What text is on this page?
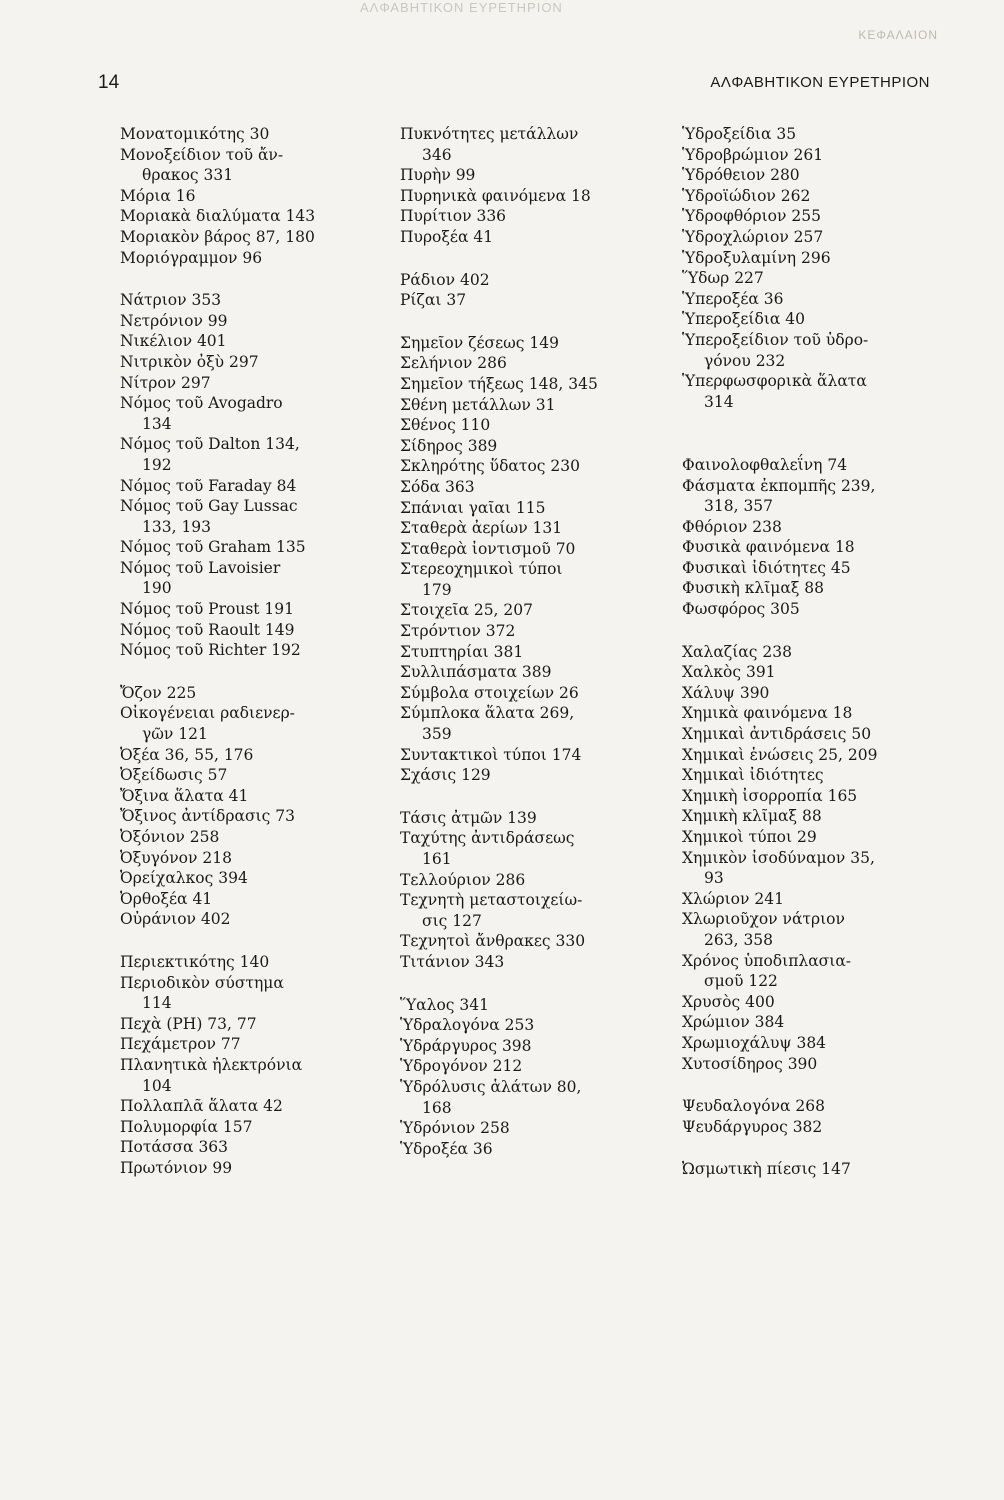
ΑΛΦΑΒΗΤΙΚΟΝ ΕΥΡΕΤΗΡΙΟΝ
ΚΕΦΑΛΑΙΟΝ
14	ΑΛΦΑΒΗΤΙΚΟΝ ΕΥΡΕΤΗΡΙΟΝ

Μονατομικότης 30

Μονοξείδιον τοῦ ἄν-

θρακος 331

Μόρια 16

Μοριακὰ διαλύματα 143

Μοριακὸν βάρος 87, 180

Μοριόγραμμον 96

Νάτριον 353

Νετρόνιον 99

Νικέλιον 401

Νιτρικὸν ὀξὺ 297

Νίτρον 297

Νόμος τοῦ Avogadro

134

Νόμος τοῦ Dalton 134,

192

Νόμος τοῦ Faraday 84

Νόμος τοῦ Gay Lussac

133, 193

Νόμος τοῦ Graham 135

Νόμος τοῦ Lavoisier

190

Νόμος τοῦ Proust 191

Νόμος τοῦ Raoult 149

Νόμος τοῦ Richter 192

Ὄζον 225

Οἰκογένειαι ραδιενερ-

γῶν 121

Ὀξέα 36, 55, 176

Ὀξείδωσις 57

Ὄξινα ἅλατα 41

Ὄξινος ἀντίδρασις 73

Ὀξόνιον 258

Ὀξυγόνον 218

Ὀρείχαλκος 394

Ὀρθοξέα 41

Οὐράνιον 402

Περιεκτικότης 140

Περιοδικὸν σύστημα

114

Πεχὰ (PH) 73, 77

Πεχάμετρον 77

Πλανητικὰ ἠλεκτρόνια

104

Πολλαπλᾶ ἅλατα 42

Πολυμορφία 157

Ποτάσσα 363

Πρωτόνιον 99

Πυκνότητες μετάλλων

346

Πυρὴν 99

Πυρηνικὰ φαινόμενα 18

Πυρίτιον 336

Πυροξέα 41

Ράδιον 402

Ρίζαι 37

Σημεῖον ζέσεως 149

Σελήνιον 286

Σημεῖον τήξεως 148, 345

Σθένη μετάλλων 31

Σθένος 110

Σίδηρος 389

Σκληρότης ὕδατος 230

Σόδα 363

Σπάνιαι γαῖαι 115

Σταθερὰ ἀερίων 131

Σταθερὰ ἰοντισμοῦ 70

Στερεοχημικοὶ τύποι

179

Στοιχεῖα 25, 207

Στρόντιον 372

Στυπτηρίαι 381

Συλλιπάσματα 389

Σύμβολα στοιχείων 26

Σύμπλοκα ἅλατα 269,

359

Συντακτικοὶ τύποι 174

Σχάσις 129

Τάσις ἀτμῶν 139

Ταχύτης ἀντιδράσεως

161

Τελλούριον 286

Τεχνητὴ μεταστοιχείω-

σις 127

Τεχνητοὶ ἄνθρακες 330

Τιτάνιον 343

Ὕαλος 341

Ὑδραλογόνα 253

Ὑδράργυρος 398

Ὑδρογόνον 212

Ὑδρόλυσις ἁλάτων 80,

168

Ὑδρόνιον 258

Ὑδροξέα 36

Ὑδροξείδια 35

Ὑδροβρώμιον 261

Ὑδρόθειον 280

Ὑδροϊώδιον 262

Ὑδροφθόριον 255

Ὑδροχλώριον 257

Ὑδροξυλαμίνη 296

Ὕδωρ 227

Ὑπεροξέα 36

Ὑπεροξείδια 40

Ὑπεροξείδιον τοῦ ὑδρο-

γόνου 232

Ὑπερφωσφορικὰ ἅλατα

314

Φαινολοφθαλεΐνη 74

Φάσματα ἐκπομπῆς 239,

318, 357

Φθόριον 238

Φυσικὰ φαινόμενα 18

Φυσικαὶ ἰδιότητες 45

Φυσικὴ κλῖμαξ 88

Φωσφόρος 305

Χαλαζίας 238

Χαλκὸς 391

Χάλυψ 390

Χημικὰ φαινόμενα 18

Χημικαὶ ἀντιδράσεις 50

Χημικαὶ ἑνώσεις 25, 209

Χημικαὶ ἰδιότητες

Χημικὴ ἰσορροπία 165

Χημικὴ κλῖμαξ 88

Χημικοὶ τύποι 29

Χημικὸν ἰσοδύναμον 35,

93

Χλώριον 241

Χλωριοῦχον νάτριον

263, 358

Χρόνος ὑποδιπλασια-

σμοῦ 122

Χρυσὸς 400

Χρώμιον 384

Χρωμιοχάλυψ 384

Χυτοσίδηρος 390

Ψευδαλογόνα 268

Ψευδάργυρος 382

Ὠσμωτικὴ πίεσις 147
